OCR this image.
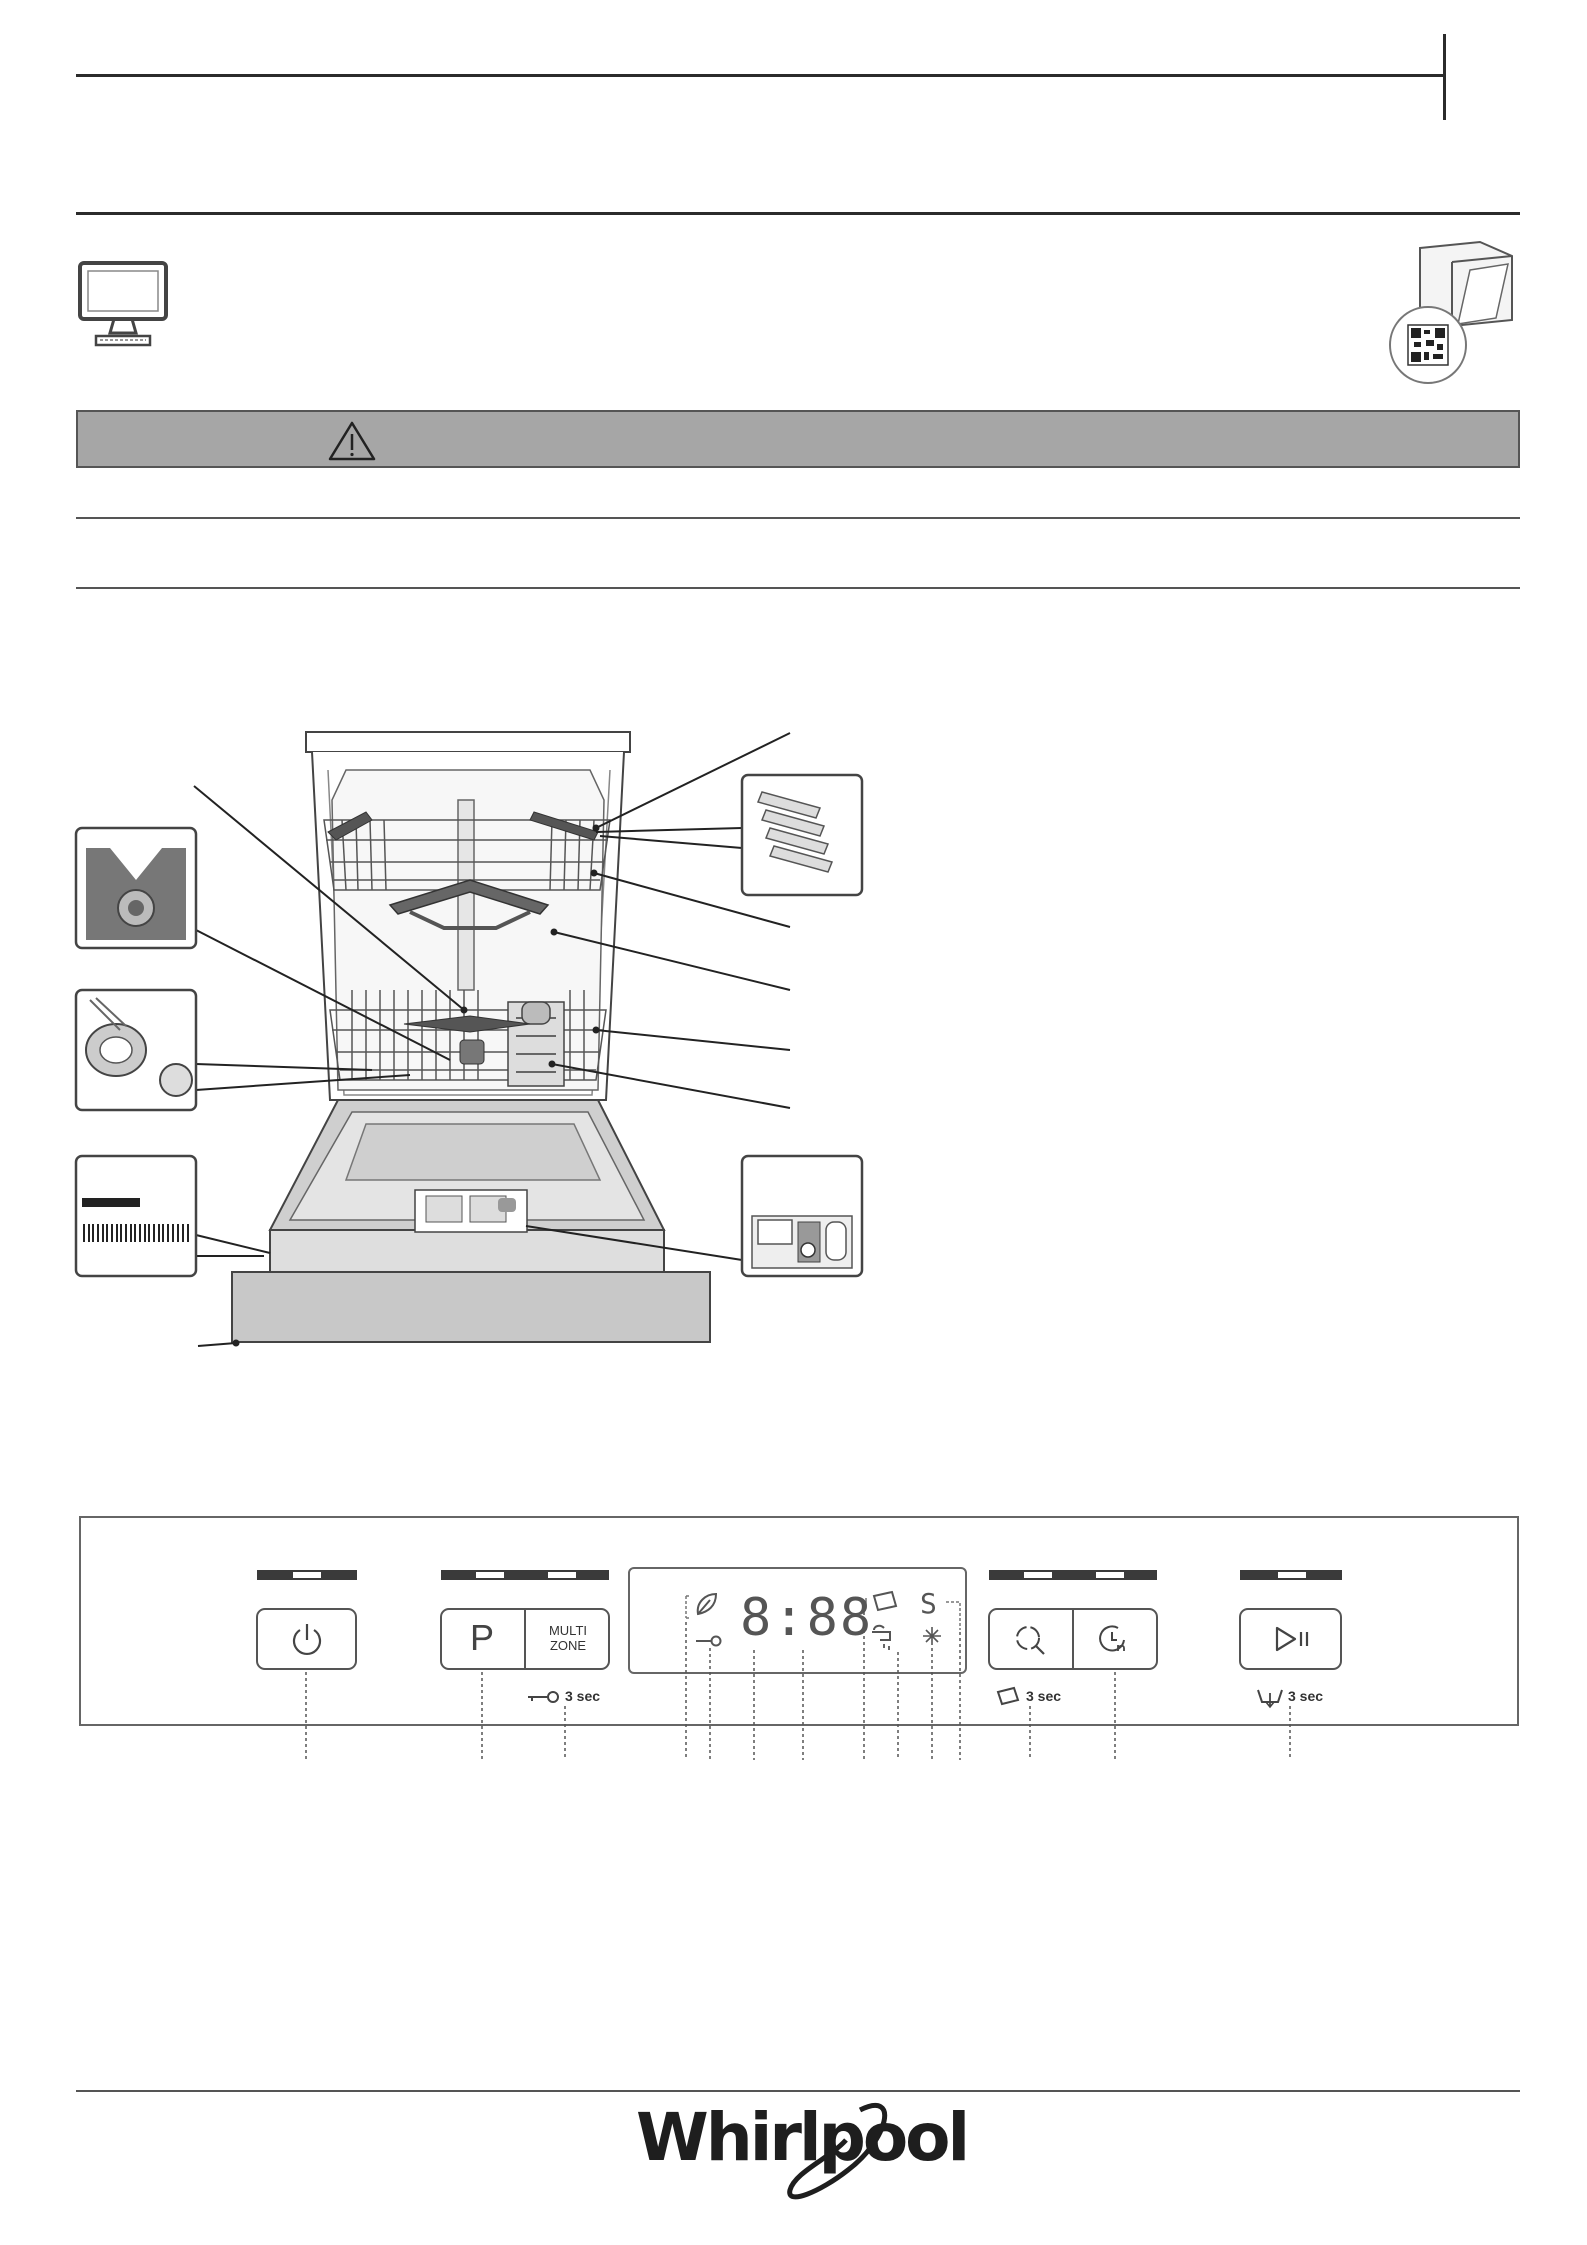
P	MULTI
ZONE
3 sec
8:88 S
3 sec	3 sec
Whirlpool
